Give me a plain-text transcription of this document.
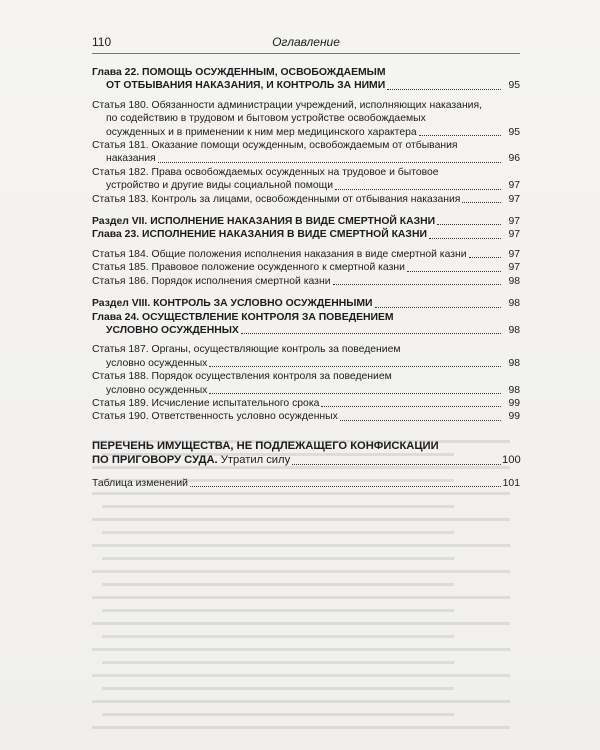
110	Оглавление
Глава 22. ПОМОЩЬ ОСУЖДЕННЫМ, ОСВОБОЖДАЕМЫМ
ОТ ОТБЫВАНИЯ НАКАЗАНИЯ, И КОНТРОЛЬ ЗА НИМИ	95
Статья 180. Обязанности администрации учреждений, исполняющих наказания,
по содействию в трудовом и бытовом устройстве освобождаемых
осужденных и в применении к ним мер медицинского характера	95
Статья 181. Оказание помощи осужденным, освобождаемым от отбывания
наказания	96
Статья 182. Права освобождаемых осужденных на трудовое и бытовое
устройство и другие виды социальной помощи	97
Статья 183. Контроль за лицами, освобожденными от отбывания наказания	97
Раздел VII. ИСПОЛНЕНИЕ НАКАЗАНИЯ В ВИДЕ СМЕРТНОЙ КАЗНИ	97
Глава 23. ИСПОЛНЕНИЕ НАКАЗАНИЯ В ВИДЕ СМЕРТНОЙ КАЗНИ	97
Статья 184. Общие положения исполнения наказания в виде смертной казни	97
Статья 185. Правовое положение осужденного к смертной казни	97
Статья 186. Порядок исполнения смертной казни	98
Раздел VIII. КОНТРОЛЬ ЗА УСЛОВНО ОСУЖДЕННЫМИ	98
Глава 24. ОСУЩЕСТВЛЕНИЕ КОНТРОЛЯ ЗА ПОВЕДЕНИЕМ
УСЛОВНО ОСУЖДЕННЫХ	98
Статья 187. Органы, осуществляющие контроль за поведением
условно осужденных	98
Статья 188. Порядок осуществления контроля за поведением
условно осужденных	98
Статья 189. Исчисление испытательного срока	99
Статья 190. Ответственность условно осужденных	99
ПЕРЕЧЕНЬ ИМУЩЕСТВА, НЕ ПОДЛЕЖАЩЕГО КОНФИСКАЦИИ
ПО ПРИГОВОРУ СУДА. Утратил силу	100
Таблица изменений	101
